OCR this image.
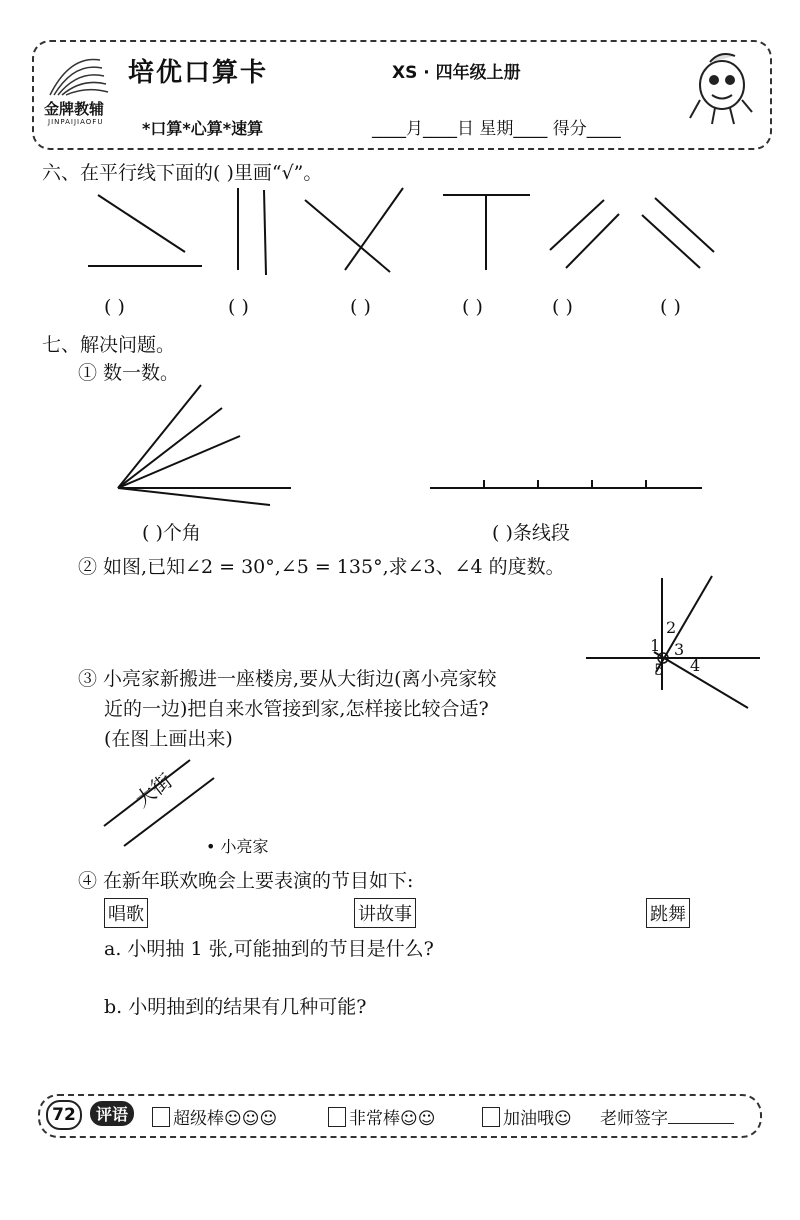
金牌教辅
JINPAIJIAOFU
培优口算卡	XS · 四年级上册
*口算*心算*速算	____月____日 星期____ 得分____
六、在平行线下面的( )里画“√”。
( )	( )	( )	( )	( )	( )
七、解决问题。
① 数一数。
( )个角	( )条线段
② 如图,已知∠2 = 30°,∠5 = 135°,求∠3、∠4 的度数。
1
2
3
4
5
③ 小亮家新搬进一座楼房,要从大街边(离小亮家较
近的一边)把自来水管接到家,怎样接比较合适?
(在图上画出来)
大街
• 小亮家
④ 在新年联欢晚会上要表演的节目如下:
唱歌	讲故事	跳舞
a. 小明抽 1 张,可能抽到的节目是什么?
b. 小明抽到的结果有几种可能?
72	评语	超级棒☺☺☺	非常棒☺☺	加油哦☺ 老师签字
